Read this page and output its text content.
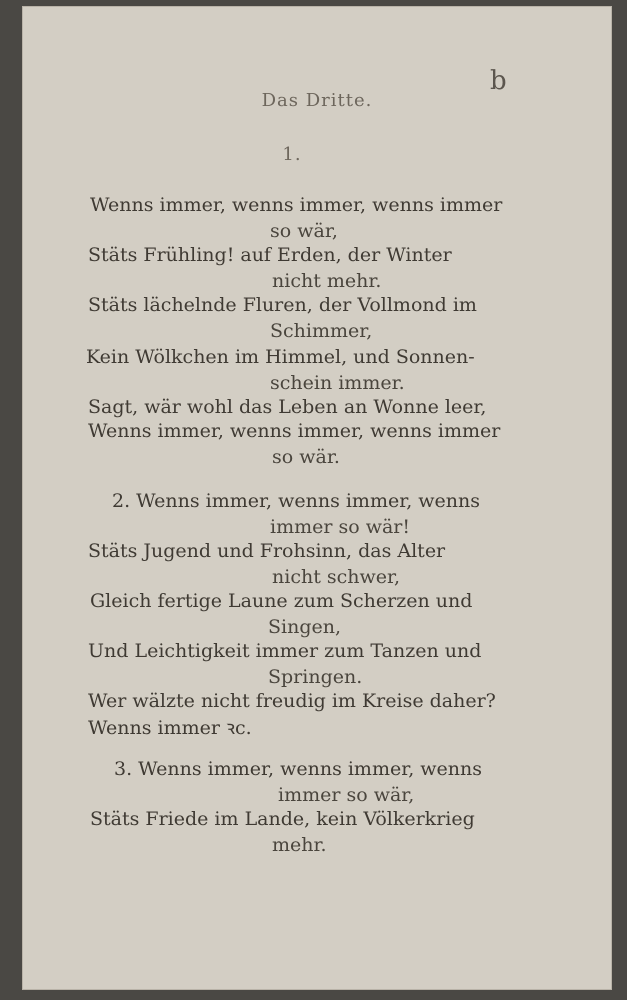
b
Das Dritte.
1.
Wenns immer, wenns immer, wenns immer
so wär,
Stäts Frühling! auf Erden, der Winter
nicht mehr.
Stäts lächelnde Fluren, der Vollmond im
Schimmer,
Kein Wölkchen im Himmel, und Sonnen-
schein immer.
Sagt, wär wohl das Leben an Wonne leer,
Wenns immer, wenns immer, wenns immer
so wär.
2. Wenns immer, wenns immer, wenns
immer so wär!
Stäts Jugend und Frohsinn, das Alter
nicht schwer,
Gleich fertige Laune zum Scherzen und
Singen,
Und Leichtigkeit immer zum Tanzen und
Springen.
Wer wälzte nicht freudig im Kreise daher?
Wenns immer ꝛc.
3. Wenns immer, wenns immer, wenns
immer so wär,
Stäts Friede im Lande, kein Völkerkrieg
mehr.
